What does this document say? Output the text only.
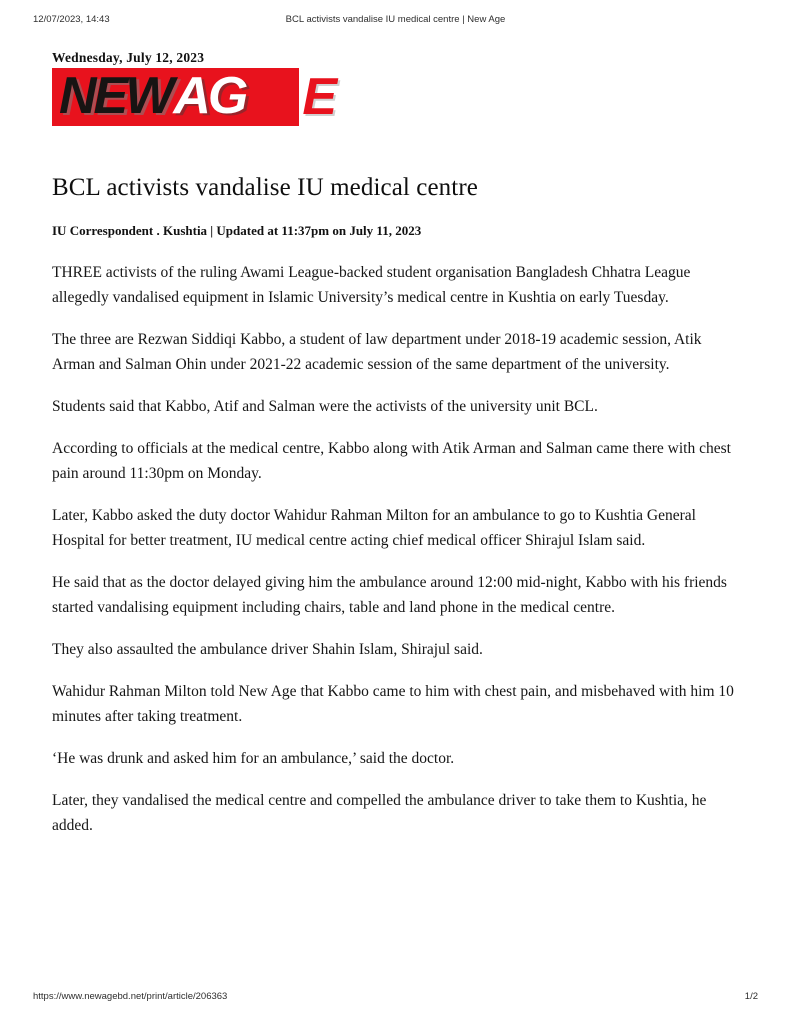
12/07/2023, 14:43	BCL activists vandalise IU medical centre | New Age
Wednesday, July 12, 2023
NEW AG E
BCL activists vandalise IU medical centre
IU Correspondent . Kushtia | Updated at 11:37pm on July 11, 2023

THREE activists of the ruling Awami League-backed student organisation Bangladesh Chhatra League allegedly vandalised equipment in Islamic University’s medical centre in Kushtia on early Tuesday.

The three are Rezwan Siddiqi Kabbo, a student of law department under 2018-19 academic session, Atik Arman and Salman Ohin under 2021-22 academic session of the same department of the university.

Students said that Kabbo, Atif and Salman were the activists of the university unit BCL.

According to officials at the medical centre, Kabbo along with Atik Arman and Salman came there with chest pain around 11:30pm on Monday.

Later, Kabbo asked the duty doctor Wahidur Rahman Milton for an ambulance to go to Kushtia General Hospital for better treatment, IU medical centre acting chief medical officer Shirajul Islam said.

He said that as the doctor delayed giving him the ambulance around 12:00 mid-night, Kabbo with his friends started vandalising equipment including chairs, table and land phone in the medical centre.

They also assaulted the ambulance driver Shahin Islam, Shirajul said.

Wahidur Rahman Milton told New Age that Kabbo came to him with chest pain, and misbehaved with him 10 minutes after taking treatment.

‘He was drunk and asked him for an ambulance,’ said the doctor.

Later, they vandalised the medical centre and compelled the ambulance driver to take them to Kushtia, he added.

https://www.newagebd.net/print/article/206363	1/2
